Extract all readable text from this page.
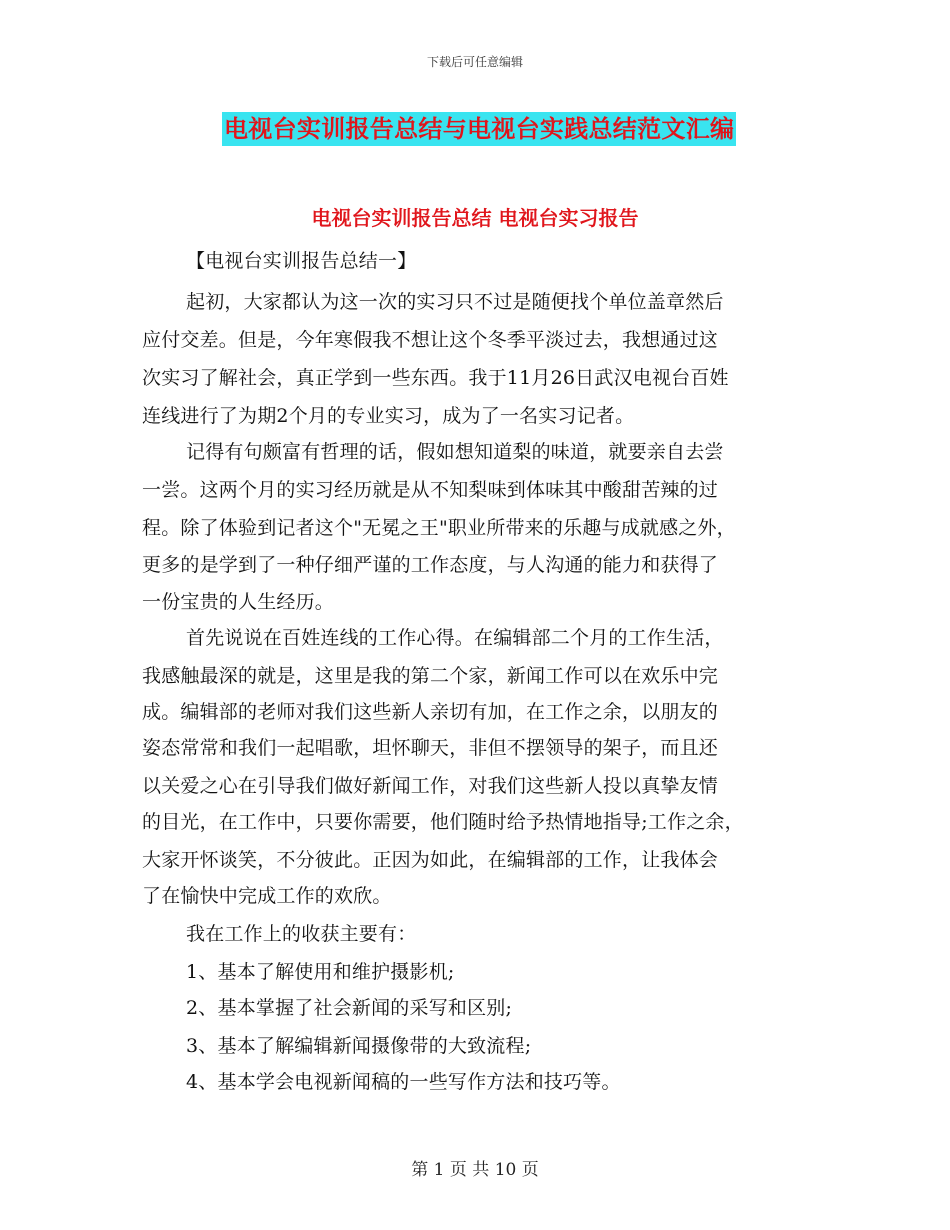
下载后可任意编辑
电视台实训报告总结与电视台实践总结范文汇编
电视台实训报告总结 电视台实习报告
【电视台实训报告总结一】
起初，大家都认为这一次的实习只不过是随便找个单位盖章然后
应付交差。但是，今年寒假我不想让这个冬季平淡过去，我想通过这
次实习了解社会，真正学到一些东西。我于11月26日武汉电视台百姓
连线进行了为期2个月的专业实习，成为了一名实习记者。
记得有句颇富有哲理的话，假如想知道梨的味道，就要亲自去尝
一尝。这两个月的实习经历就是从不知梨味到体味其中酸甜苦辣的过
程。除了体验到记者这个"无冕之王"职业所带来的乐趣与成就感之外，
更多的是学到了一种仔细严谨的工作态度，与人沟通的能力和获得了
一份宝贵的人生经历。
首先说说在百姓连线的工作心得。在编辑部二个月的工作生活，
我感触最深的就是，这里是我的第二个家，新闻工作可以在欢乐中完
成。编辑部的老师对我们这些新人亲切有加，在工作之余，以朋友的
姿态常常和我们一起唱歌，坦怀聊天，非但不摆领导的架子，而且还
以关爱之心在引导我们做好新闻工作，对我们这些新人投以真挚友情
的目光，在工作中，只要你需要，他们随时给予热情地指导;工作之余，
大家开怀谈笑，不分彼此。正因为如此，在编辑部的工作，让我体会
了在愉快中完成工作的欢欣。
我在工作上的收获主要有：
1、基本了解使用和维护摄影机;
2、基本掌握了社会新闻的采写和区别;
3、基本了解编辑新闻摄像带的大致流程;
4、基本学会电视新闻稿的一些写作方法和技巧等。
第 1 页 共 10 页
